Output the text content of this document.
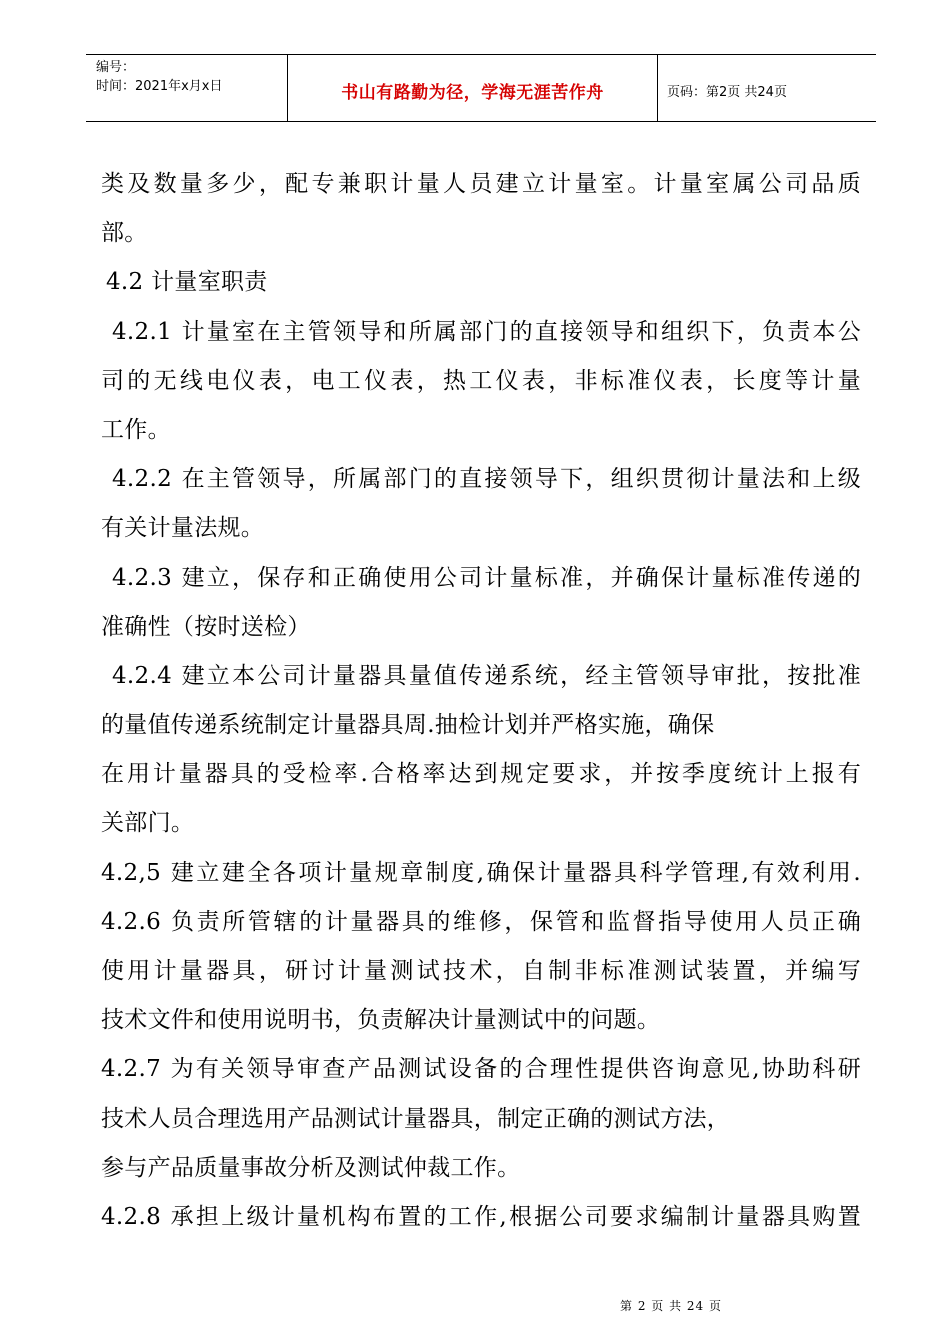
编号：
时间：2021年x月x日	书山有路勤为径，学海无涯苦作舟	页码：第2页 共24页
类及数量多少，配专兼职计量人员建立计量室。计量室属公司品质
部。
4.2 计量室职责
4.2.1 计量室在主管领导和所属部门的直接领导和组织下，负责本公
司的无线电仪表，电工仪表，热工仪表，非标准仪表，长度等计量
工作。
4.2.2 在主管领导，所属部门的直接领导下，组织贯彻计量法和上级
有关计量法规。
4.2.3 建立，保存和正确使用公司计量标准，并确保计量标准传递的
准确性（按时送检）
4.2.4 建立本公司计量器具量值传递系统，经主管领导审批，按批准
的量值传递系统制定计量器具周.抽检计划并严格实施，确保
在用计量器具的受检率.合格率达到规定要求，并按季度统计上报有
关部门。
4.2,5 建立建全各项计量规章制度,确保计量器具科学管理,有效利用.
4.2.6 负责所管辖的计量器具的维修，保管和监督指导使用人员正确
使用计量器具，研讨计量测试技术，自制非标准测试装置，并编写
技术文件和使用说明书，负责解决计量测试中的问题。
4.2.7 为有关领导审查产品测试设备的合理性提供咨询意见,协助科研
技术人员合理选用产品测试计量器具，制定正确的测试方法，
参与产品质量事故分析及测试仲裁工作。
4.2.8 承担上级计量机构布置的工作,根据公司要求编制计量器具购置
第 2 页 共 24 页
